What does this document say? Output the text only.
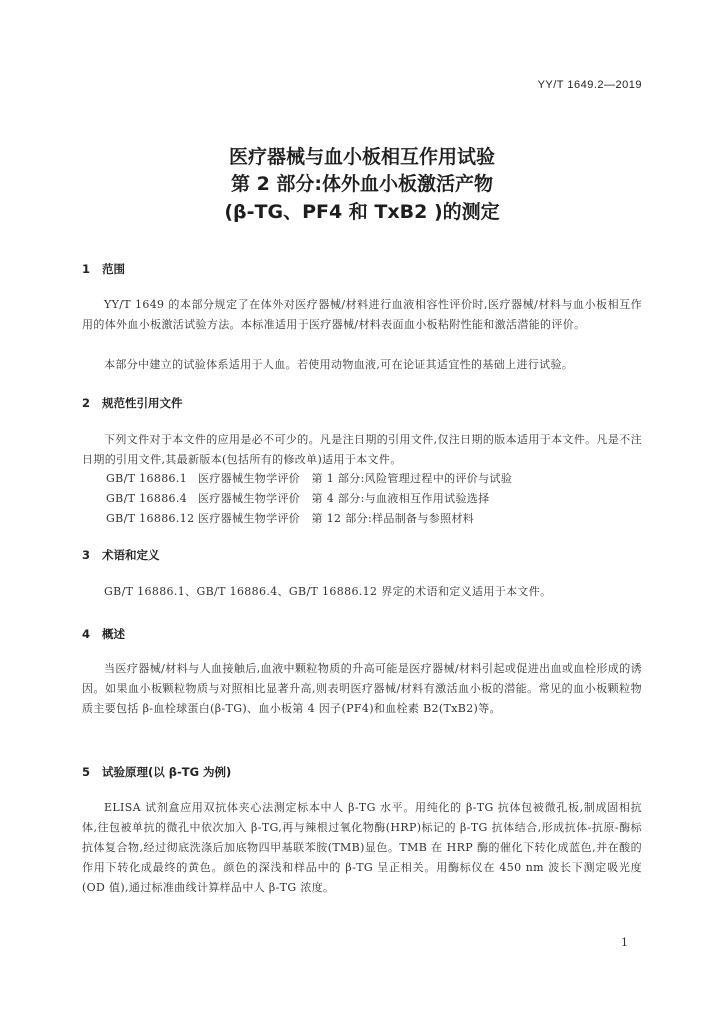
YY/T 1649.2—2019
医疗器械与血小板相互作用试验
第 2 部分:体外血小板激活产物
(β-TG、PF4 和 TxB2 )的测定
1 范围
YY/T 1649 的本部分规定了在体外对医疗器械/材料进行血液相容性评价时,医疗器械/材料与血小板相互作用的体外血小板激活试验方法。本标准适用于医疗器械/材料表面血小板粘附性能和激活潜能的评价。
本部分中建立的试验体系适用于人血。若使用动物血液,可在论证其适宜性的基础上进行试验。
2 规范性引用文件
下列文件对于本文件的应用是必不可少的。凡是注日期的引用文件,仅注日期的版本适用于本文件。凡是不注日期的引用文件,其最新版本(包括所有的修改单)适用于本文件。
GB/T 16886.1 医疗器械生物学评价　第 1 部分:风险管理过程中的评价与试验
GB/T 16886.4 医疗器械生物学评价　第 4 部分:与血液相互作用试验选择
GB/T 16886.12 医疗器械生物学评价　第 12 部分:样品制备与参照材料
3 术语和定义
GB/T 16886.1、GB/T 16886.4、GB/T 16886.12 界定的术语和定义适用于本文件。
4 概述
当医疗器械/材料与人血接触后,血液中颗粒物质的升高可能是医疗器械/材料引起或促进出血或血栓形成的诱因。如果血小板颗粒物质与对照相比显著升高,则表明医疗器械/材料有激活血小板的潜能。常见的血小板颗粒物质主要包括 β-血栓球蛋白(β-TG)、血小板第 4 因子(PF4)和血栓素 B2(TxB2)等。
5 试验原理(以 β-TG 为例)
ELISA 试剂盒应用双抗体夹心法测定标本中人 β-TG 水平。用纯化的 β-TG 抗体包被微孔板,制成固相抗体,往包被单抗的微孔中依次加入 β-TG,再与辣根过氧化物酶(HRP)标记的 β-TG 抗体结合,形成抗体-抗原-酶标抗体复合物,经过彻底洗涤后加底物四甲基联苯胺(TMB)显色。TMB 在 HRP 酶的催化下转化成蓝色,并在酸的作用下转化成最终的黄色。颜色的深浅和样品中的 β-TG 呈正相关。用酶标仪在 450 nm 波长下测定吸光度(OD 值),通过标准曲线计算样品中人 β-TG 浓度。
1
